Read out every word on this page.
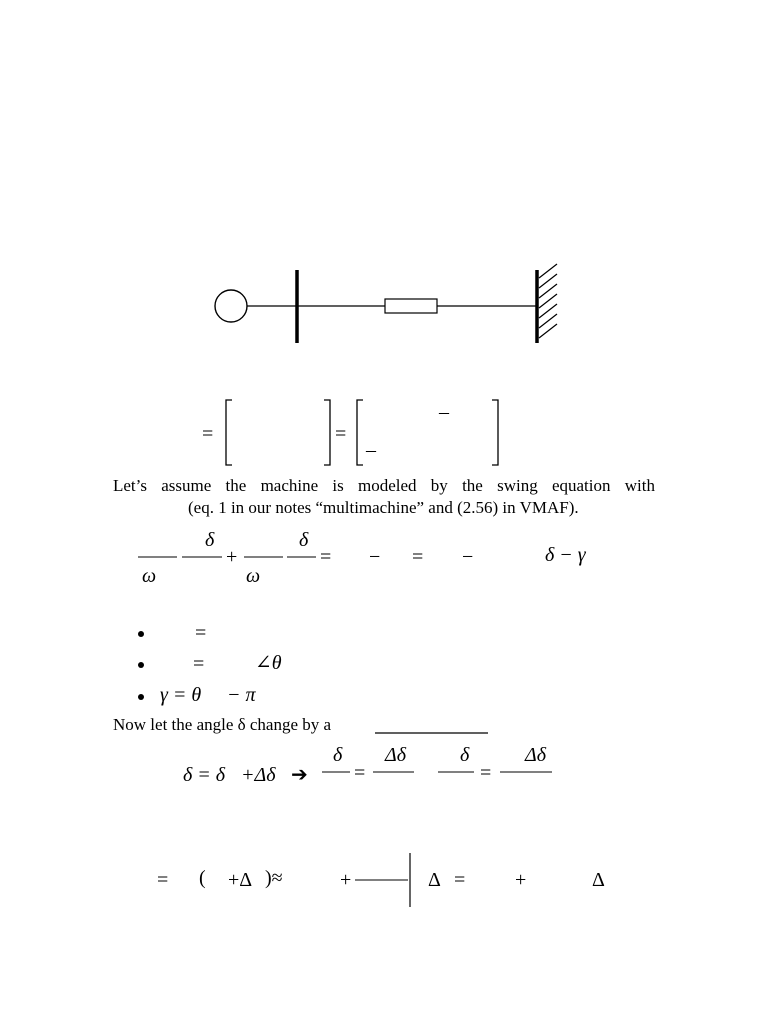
=	=
–
–
Let’s assume the machine is modeled by the swing equation with
(eq. 1 in our notes “multimachine” and (2.56) in VMAF).
δ
ω
+
δ
ω
= − = −	δ − γ
=
=	∠θ
γ = θ − π
Now let the angle δ change by a
δ = δ +Δδ ➔
δ
=
Δδ	δ
=
Δδ
= ( +Δ )≈	+	Δ = +	Δ
